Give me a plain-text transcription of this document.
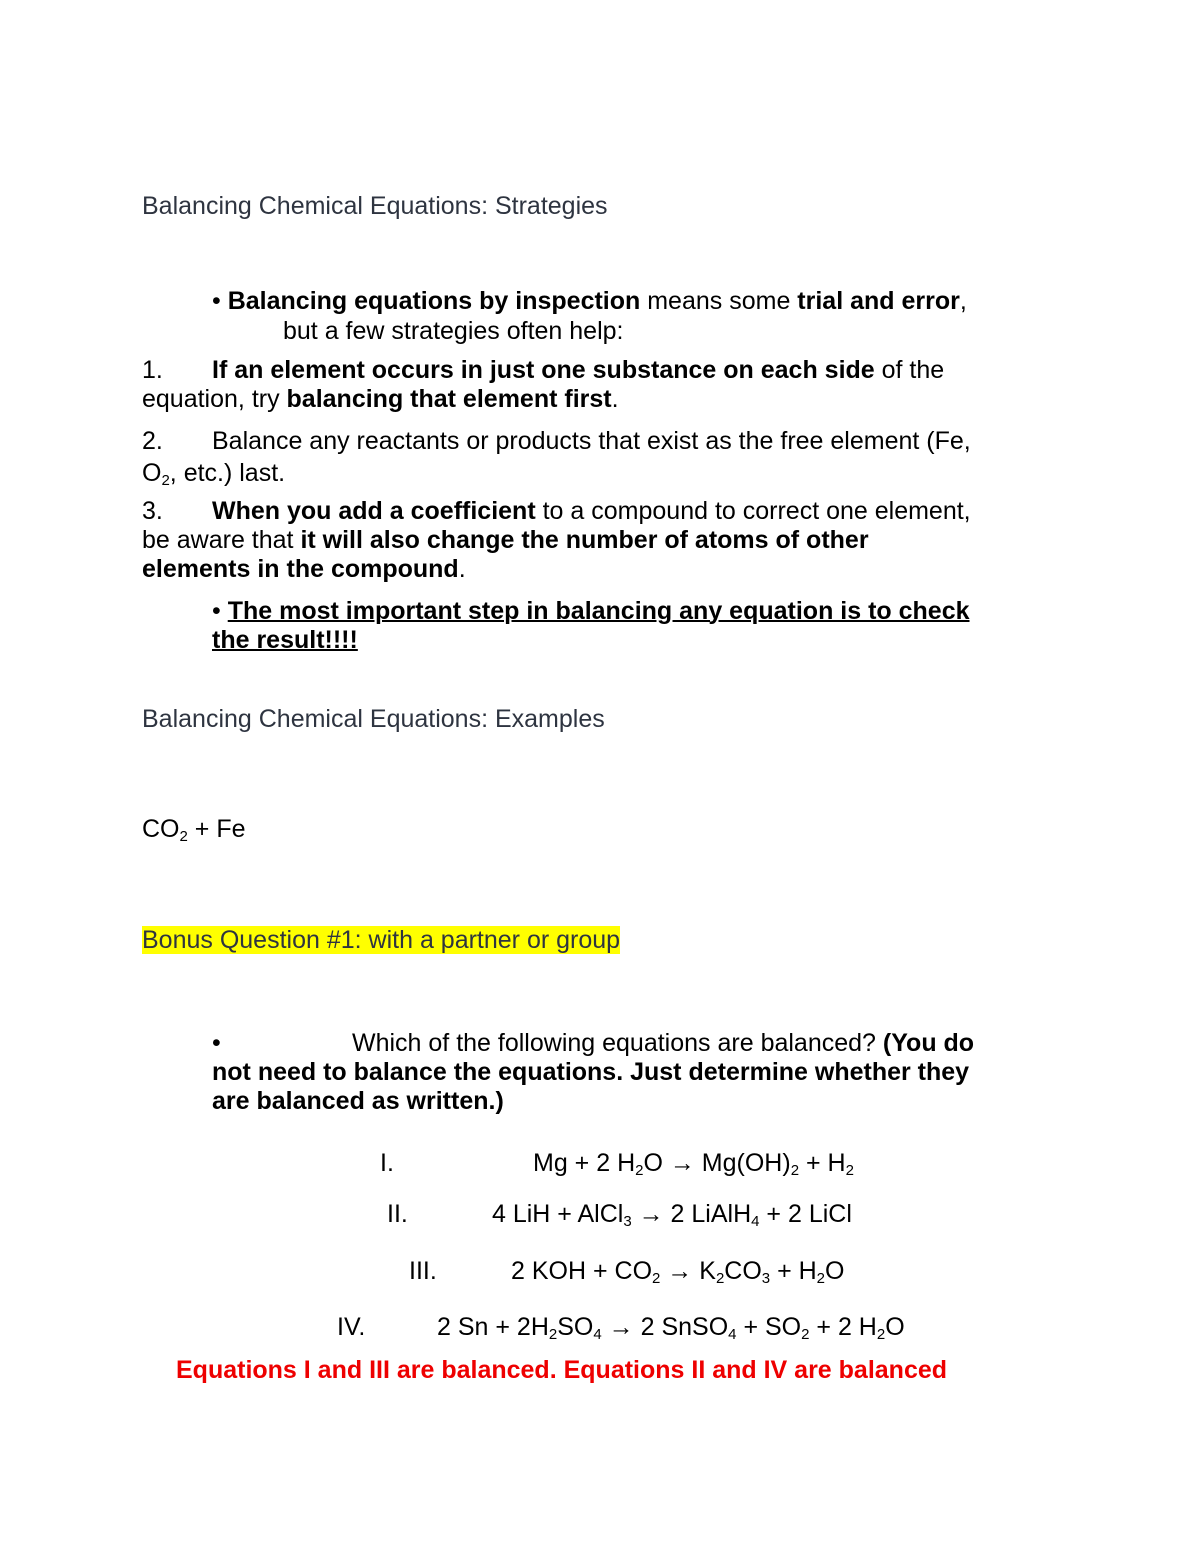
Balancing Chemical Equations: Strategies
• Balancing equations by inspection means some trial and error,
but a few strategies often help:
1. If an element occurs in just one substance on each side of the
equation, try balancing that element first.
2. Balance any reactants or products that exist as the free element (Fe,
$O_2$, etc.) last.
3. When you add a coefficient to a compound to correct one element,
be aware that it will also change the number of atoms of other
elements in the compound.
• The most important step in balancing any equation is to check
the result!!!!
Balancing Chemical Equations: Examples
$CO_2 + Fe$
Bonus Question #1: with a partner or group
•	Which of the following equations are balanced? (You do
not need to balance the equations. Just determine whether they
are balanced as written.)
I.	Mg + 2 $H_2O \to Mg(OH)_2 + H_2$
II.	4 LiH + AlCl$_3$ → 2 LiAlH$_4$ + 2 LiCl
III.	2 KOH + $CO_2 \to K_2CO_3 + H_2O$
IV.	2 $Sn + 2H_2SO_4 \to 2$ SnSO$_4$ + $SO_2 + 2$ $H_2O$
Equations I and III are balanced. Equations II and IV are balanced
